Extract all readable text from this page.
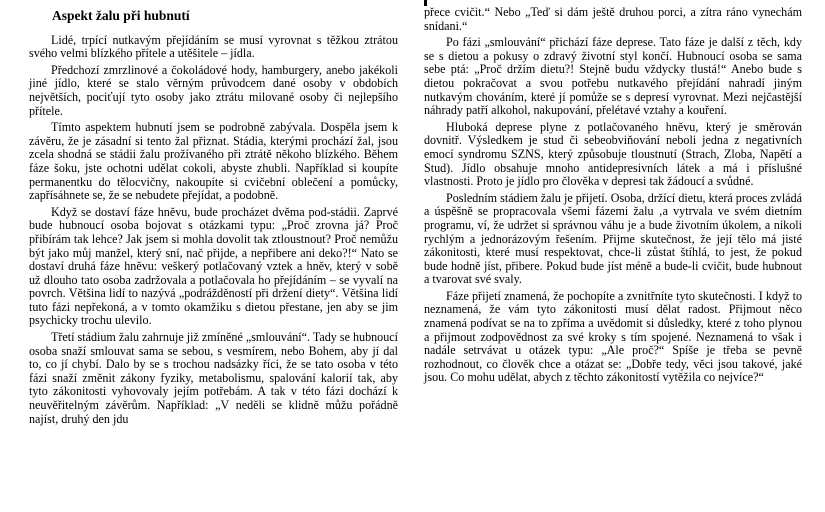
Aspekt žalu při hubnutí

Lidé, trpící nutkavým přejídáním se musí vyrovnat s těžkou ztrátou svého velmi blízkého přítele a utěšitele – jídla.

Předchozí zmrzlinové a čokoládové hody, hamburgery, anebo jakékoli jiné jídlo, které se stalo věrným průvodcem dané osoby v obdobích největších, pociťují tyto osoby jako ztrátu milované osoby či nejlepšího přítele.

Tímto aspektem hubnutí jsem se podrobně zabývala. Dospěla jsem k závěru, že je zásadní si tento žal přiznat. Stádia, kterými prochází žal, jsou zcela shodná se stádii žalu prožívaného při ztrátě někoho blízkého. Během fáze šoku, jste ochotni udělat cokoli, abyste zhubli. Například si koupíte permanentku do tělocvičny, nakoupíte si cvičební oblečení a pomůcky, zapřísáhnete se, že se nebudete přejídat, a podobně.

Když se dostaví fáze hněvu, bude procházet dvěma pod-stádii. Zaprvé bude hubnoucí osoba bojovat s otázkami typu: „Proč zrovna já? Proč přibírám tak lehce? Jak jsem si mohla dovolit tak ztloustnout? Proč nemůžu být jako můj manžel, který sní, nač přijde, a nepřibere ani deko?!“ Nato se dostaví druhá fáze hněvu: veškerý potlačovaný vztek a hněv, který v sobě už dlouho tato osoba zadržovala a potlačovala ho přejídáním – se vyvalí na povrch. Většina lidí to nazývá „podrážděností při držení diety“. Většina lidí tuto fázi nepřekoná, a v tomto okamžiku s dietou přestane, jen aby se jim psychicky trochu ulevilo.

Třetí stádium žalu zahrnuje již zmíněné „smlouvání“. Tady se hubnoucí osoba snaží smlouvat sama se sebou, s vesmírem, nebo Bohem, aby jí dal to, co jí chybí. Dalo by se s trochou nadsázky říci, že se tato osoba v této fázi snaží změnit zákony fyziky, metabolismu, spalování kalorií tak, aby tyto zákonitosti vyhovovaly jejím potřebám. A tak v této fázi dochází k neuvěřitelným závěrům. Například: „V neděli se klidně můžu pořádně najíst, druhý den jdu

přece cvičit.“ Nebo „Teď si dám ještě druhou porci, a zítra ráno vynechám snídani.“

Po fázi „smlouvání“ přichází fáze deprese. Tato fáze je další z těch, kdy se s dietou a pokusy o zdravý životní styl končí. Hubnoucí osoba se sama sebe ptá: „Proč držím dietu?! Stejně budu vždycky tlustá!“ Anebo bude s dietou pokračovat a svou potřebu nutkavého přejídání nahradí jiným nutkavým chováním, které jí pomůže se s depresí vyrovnat. Mezi nejčastější náhrady patří alkohol, nakupování, přelétavé vztahy a kouření.

Hluboká deprese plyne z potlačovaného hněvu, který je směrován dovnitř. Výsledkem je stud či sebeobviňování neboli jedna z negativních emocí syndromu SZNS, který způsobuje tloustnutí (Strach, Zloba, Napětí a Stud). Jídlo obsahuje mnoho antidepresivních látek a má i příslušné vlastnosti. Proto je jídlo pro člověka v depresi tak žádoucí a svůdné.

Posledním stádiem žalu je přijetí. Osoba, držící dietu, která proces zvládá a úspěšně se propracovala všemi fázemi žalu ‚a vytrvala ve svém dietním programu, ví, že udržet si správnou váhu je a bude životním úkolem, a nikoli rychlým a jednorázovým řešením. Přijme skutečnost, že její tělo má jisté zákonitosti, které musí respektovat, chce-li zůstat štíhlá, to jest, že pokud bude hodně jíst, přibere. Pokud bude jíst méně a bude-li cvičit, bude hubnout a tvarovat své svaly.

Fáze přijetí znamená, že pochopíte a zvnitřníte tyto skutečnosti. I když to neznamená, že vám tyto zákonitosti musí dělat radost. Přijmout něco znamená podívat se na to zpříma a uvědomit si důsledky, které z toho plynou a přijmout zodpovědnost za své kroky s tím spojené. Neznamená to však i nadále setrvávat u otázek typu: „Ale proč?“ Spíše je třeba se pevně rozhodnout, co člověk chce a otázat se: „Dobře tedy, věci jsou takové, jaké jsou. Co mohu udělat, abych z těchto zákonitostí vytěžila co nejvíce?“
